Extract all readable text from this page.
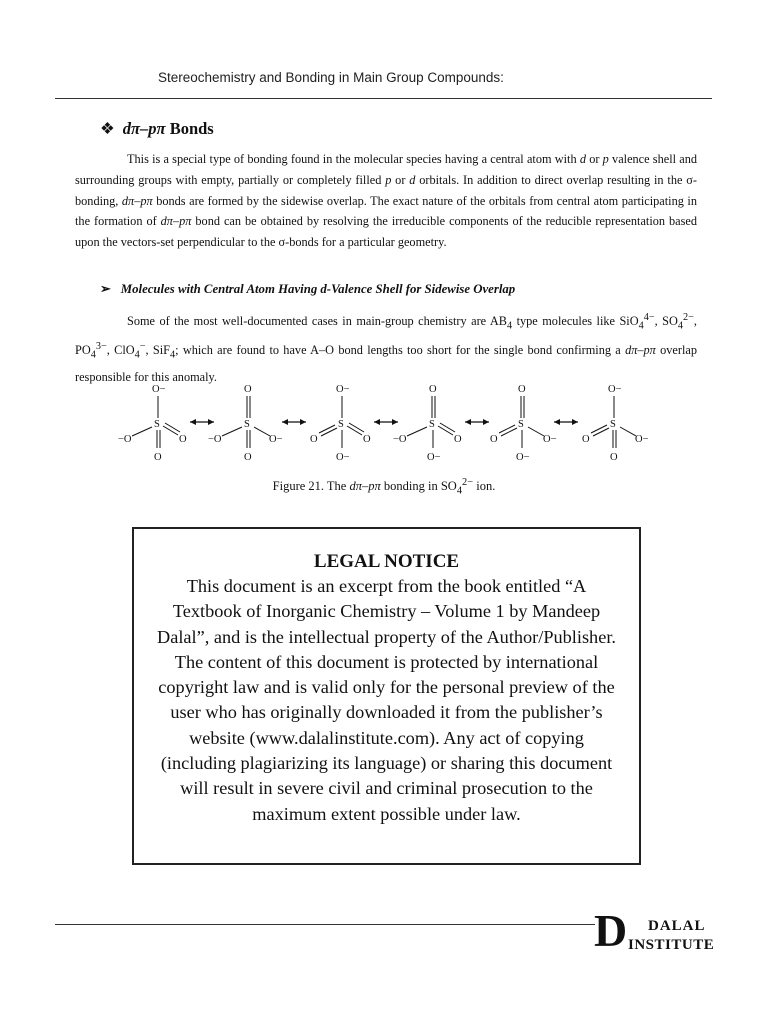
Stereochemistry and Bonding in Main Group Compounds:
❖ dπ–pπ Bonds

This is a special type of bonding found in the molecular species having a central atom with d or p valence shell and surrounding groups with empty, partially or completely filled p or d orbitals. In addition to direct overlap resulting in the σ-bonding, dπ–pπ bonds are formed by the sidewise overlap. The exact nature of the orbitals from central atom participating in the formation of dπ–pπ bond can be obtained by resolving the irreducible components of the reducible representation based upon the vectors-set perpendicular to the σ-bonds for a particular geometry.

➢ Molecules with Central Atom Having d-Valence Shell for Sidewise Overlap

Some of the most well-documented cases in main-group chemistry are $AB_4$ type molecules like SiO$_4^{4-}$, $SO_4^{2-}$, $PO_4^{3-}$, ClO$_4$−, SiF$_4$; which are found to have A–O bond lengths too short for the single bond confirming a dπ–pπ overlap responsible for this anomaly.

O−
S
−O	O
O
O
S
−O	O−
O
O−
S
O	O
O−
O
S
−O	O
O−
O
S
O	O−
O−
O−
S
O	O−
O
Figure 21. The dπ–pπ bonding in $SO_4^{2-}$ ion.
LEGAL NOTICE
This document is an excerpt from the book entitled “A Textbook of Inorganic Chemistry – Volume 1 by Mandeep Dalal”, and is the intellectual property of the Author/Publisher. The content of this document is protected by international copyright law and is valid only for the personal preview of the user who has originally downloaded it from the publisher’s website (www.dalalinstitute.com). Any act of copying (including plagiarizing its language) or sharing this document will result in severe civil and criminal prosecution to the maximum extent possible under law.
D DALAL
INSTITUTE
